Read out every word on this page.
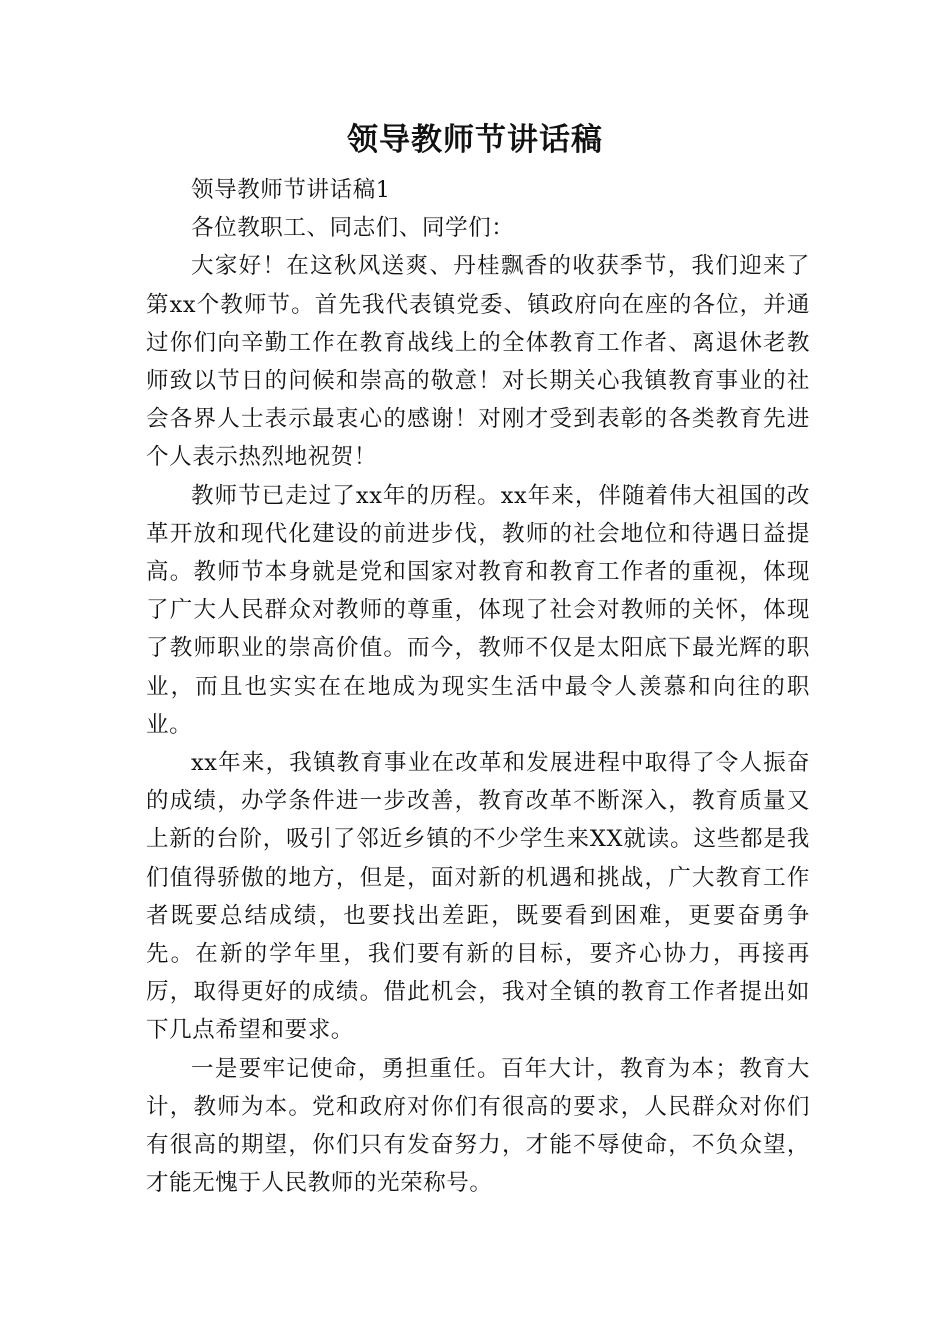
领导教师节讲话稿

领导教师节讲话稿1

各位教职工、同志们、同学们：

大家好！在这秋风送爽、丹桂飘香的收获季节，我们迎来了第xx个教师节。首先我代表镇党委、镇政府向在座的各位，并通过你们向辛勤工作在教育战线上的全体教育工作者、离退休老教师致以节日的问候和崇高的敬意！对长期关心我镇教育事业的社会各界人士表示最衷心的感谢！对刚才受到表彰的各类教育先进个人表示热烈地祝贺！

教师节已走过了xx年的历程。xx年来，伴随着伟大祖国的改革开放和现代化建设的前进步伐，教师的社会地位和待遇日益提高。教师节本身就是党和国家对教育和教育工作者的重视，体现了广大人民群众对教师的尊重，体现了社会对教师的关怀，体现了教师职业的崇高价值。而今，教师不仅是太阳底下最光辉的职业，而且也实实在在地成为现实生活中最令人羡慕和向往的职业。

xx年来，我镇教育事业在改革和发展进程中取得了令人振奋的成绩，办学条件进一步改善，教育改革不断深入，教育质量又上新的台阶，吸引了邻近乡镇的不少学生来XX就读。这些都是我们值得骄傲的地方，但是，面对新的机遇和挑战，广大教育工作者既要总结成绩，也要找出差距，既要看到困难，更要奋勇争先。在新的学年里，我们要有新的目标，要齐心协力，再接再厉，取得更好的成绩。借此机会，我对全镇的教育工作者提出如下几点希望和要求。

一是要牢记使命，勇担重任。百年大计，教育为本；教育大计，教师为本。党和政府对你们有很高的要求，人民群众对你们有很高的期望，你们只有发奋努力，才能不辱使命，不负众望，才能无愧于人民教师的光荣称号。
